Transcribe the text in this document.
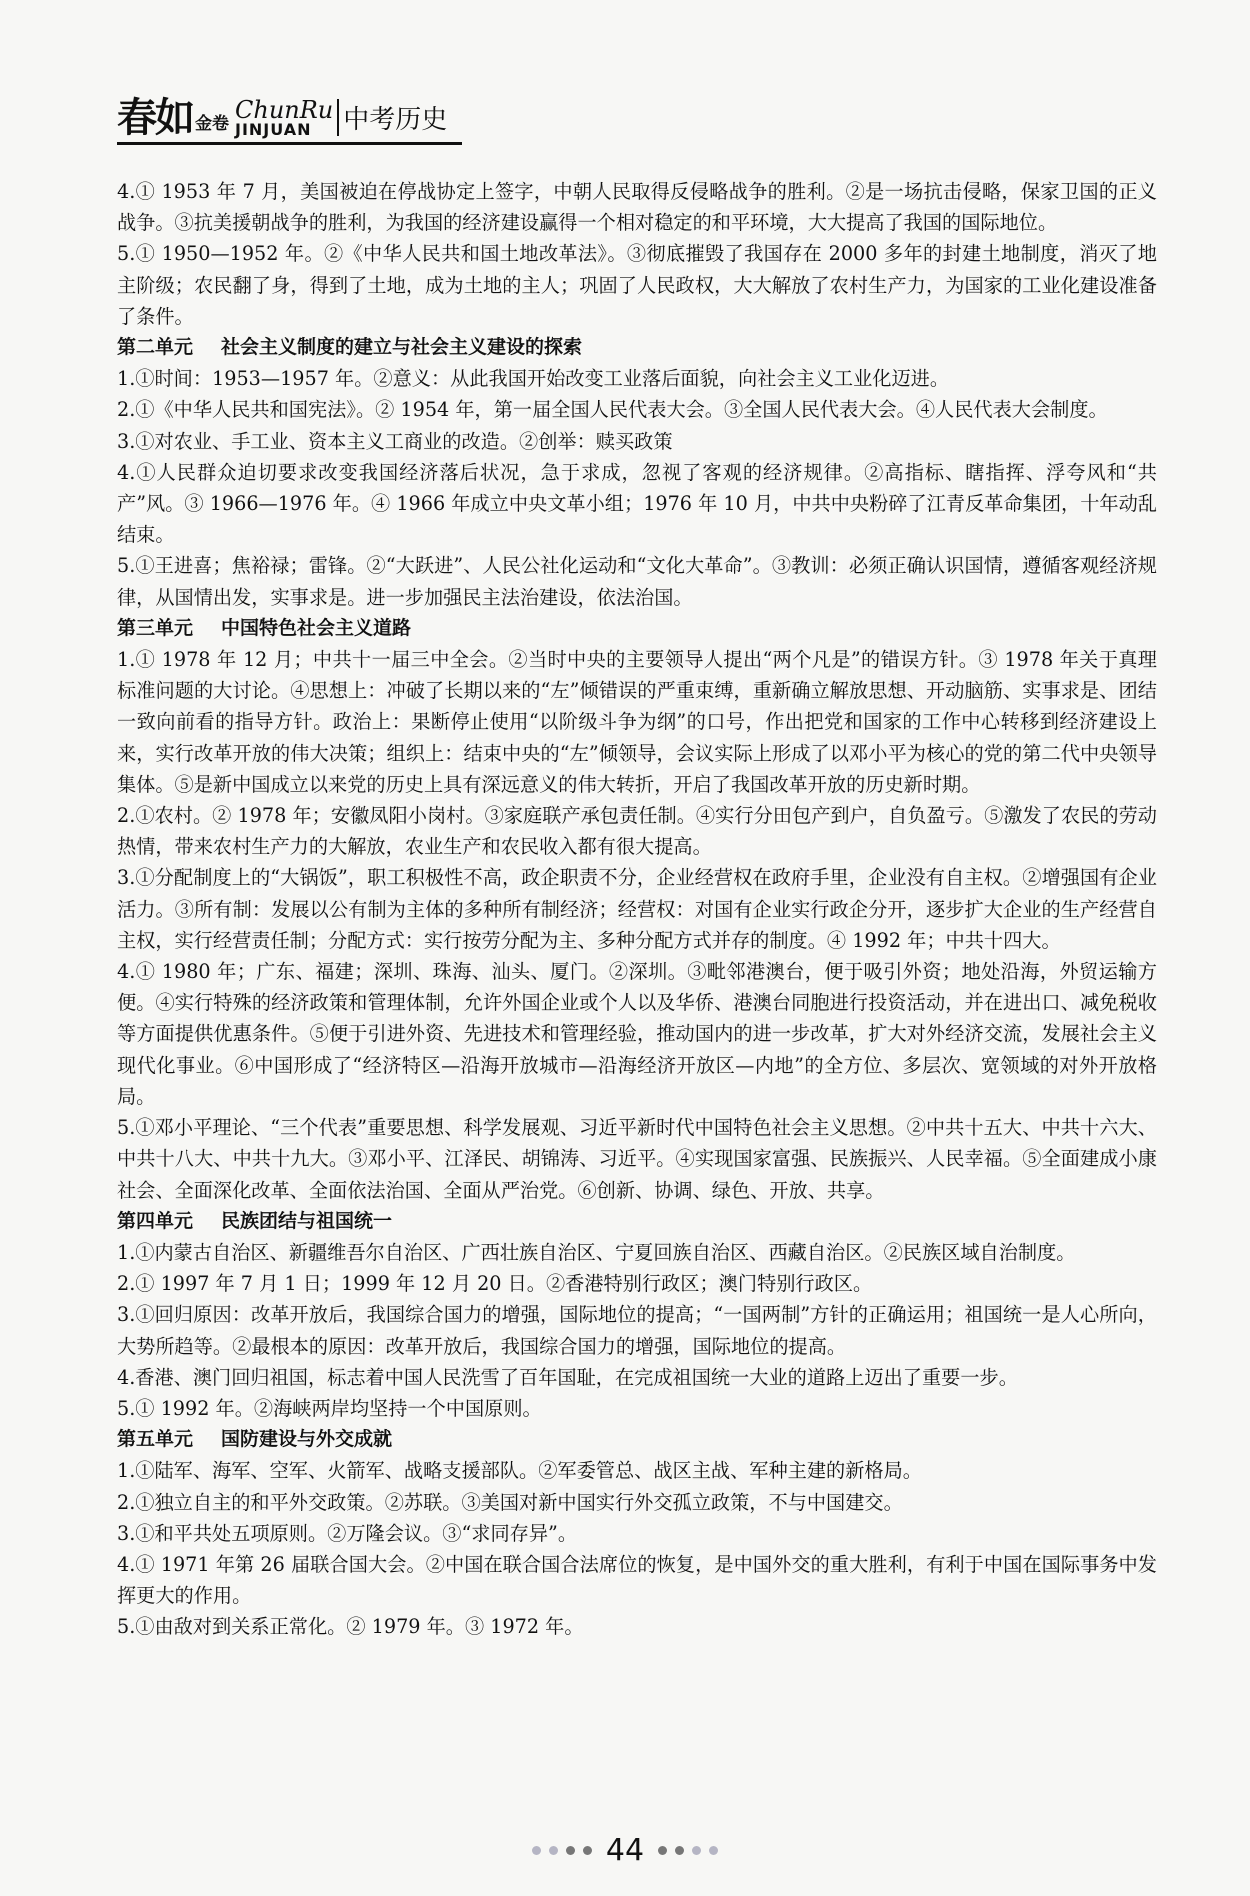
春如 金卷 ChunRu
JINJUAN	中考历史

4.① 1953 年 7 月，美国被迫在停战协定上签字，中朝人民取得反侵略战争的胜利。②是一场抗击侵略，保家卫国的正义战争。③抗美援朝战争的胜利，为我国的经济建设赢得一个相对稳定的和平环境，大大提高了我国的国际地位。

5.① 1950—1952 年。②《中华人民共和国土地改革法》。③彻底摧毁了我国存在 2000 多年的封建土地制度，消灭了地主阶级；农民翻了身，得到了土地，成为土地的主人；巩固了人民政权，大大解放了农村生产力，为国家的工业化建设准备了条件。

第二单元 社会主义制度的建立与社会主义建设的探索

1.①时间：1953—1957 年。②意义：从此我国开始改变工业落后面貌，向社会主义工业化迈进。

2.①《中华人民共和国宪法》。② 1954 年，第一届全国人民代表大会。③全国人民代表大会。④人民代表大会制度。

3.①对农业、手工业、资本主义工商业的改造。②创举：赎买政策

4.①人民群众迫切要求改变我国经济落后状况，急于求成，忽视了客观的经济规律。②高指标、瞎指挥、浮夸风和“共产”风。③ 1966—1976 年。④ 1966 年成立中央文革小组；1976 年 10 月，中共中央粉碎了江青反革命集团，十年动乱结束。

5.①王进喜；焦裕禄；雷锋。②“大跃进”、人民公社化运动和“文化大革命”。③教训：必须正确认识国情，遵循客观经济规律，从国情出发，实事求是。进一步加强民主法治建设，依法治国。

第三单元 中国特色社会主义道路

1.① 1978 年 12 月；中共十一届三中全会。②当时中央的主要领导人提出“两个凡是”的错误方针。③ 1978 年关于真理标准问题的大讨论。④思想上：冲破了长期以来的“左”倾错误的严重束缚，重新确立解放思想、开动脑筋、实事求是、团结一致向前看的指导方针。政治上：果断停止使用“以阶级斗争为纲”的口号，作出把党和国家的工作中心转移到经济建设上来，实行改革开放的伟大决策；组织上：结束中央的“左”倾领导，会议实际上形成了以邓小平为核心的党的第二代中央领导集体。⑤是新中国成立以来党的历史上具有深远意义的伟大转折，开启了我国改革开放的历史新时期。

2.①农村。② 1978 年；安徽凤阳小岗村。③家庭联产承包责任制。④实行分田包产到户，自负盈亏。⑤激发了农民的劳动热情，带来农村生产力的大解放，农业生产和农民收入都有很大提高。

3.①分配制度上的“大锅饭”，职工积极性不高，政企职责不分，企业经营权在政府手里，企业没有自主权。②增强国有企业活力。③所有制：发展以公有制为主体的多种所有制经济；经营权：对国有企业实行政企分开，逐步扩大企业的生产经营自主权，实行经营责任制；分配方式：实行按劳分配为主、多种分配方式并存的制度。④ 1992 年；中共十四大。

4.① 1980 年；广东、福建；深圳、珠海、汕头、厦门。②深圳。③毗邻港澳台，便于吸引外资；地处沿海，外贸运输方便。④实行特殊的经济政策和管理体制，允许外国企业或个人以及华侨、港澳台同胞进行投资活动，并在进出口、减免税收等方面提供优惠条件。⑤便于引进外资、先进技术和管理经验，推动国内的进一步改革，扩大对外经济交流，发展社会主义现代化事业。⑥中国形成了“经济特区—沿海开放城市—沿海经济开放区—内地”的全方位、多层次、宽领域的对外开放格局。

5.①邓小平理论、“三个代表”重要思想、科学发展观、习近平新时代中国特色社会主义思想。②中共十五大、中共十六大、中共十八大、中共十九大。③邓小平、江泽民、胡锦涛、习近平。④实现国家富强、民族振兴、人民幸福。⑤全面建成小康社会、全面深化改革、全面依法治国、全面从严治党。⑥创新、协调、绿色、开放、共享。

第四单元 民族团结与祖国统一

1.①内蒙古自治区、新疆维吾尔自治区、广西壮族自治区、宁夏回族自治区、西藏自治区。②民族区域自治制度。

2.① 1997 年 7 月 1 日；1999 年 12 月 20 日。②香港特别行政区；澳门特别行政区。

3.①回归原因：改革开放后，我国综合国力的增强，国际地位的提高；“一国两制”方针的正确运用；祖国统一是人心所向，大势所趋等。②最根本的原因：改革开放后，我国综合国力的增强，国际地位的提高。

4.香港、澳门回归祖国，标志着中国人民洗雪了百年国耻，在完成祖国统一大业的道路上迈出了重要一步。

5.① 1992 年。②海峡两岸均坚持一个中国原则。

第五单元 国防建设与外交成就

1.①陆军、海军、空军、火箭军、战略支援部队。②军委管总、战区主战、军种主建的新格局。

2.①独立自主的和平外交政策。②苏联。③美国对新中国实行外交孤立政策，不与中国建交。

3.①和平共处五项原则。②万隆会议。③“求同存异”。

4.① 1971 年第 26 届联合国大会。②中国在联合国合法席位的恢复，是中国外交的重大胜利，有利于中国在国际事务中发挥更大的作用。

5.①由敌对到关系正常化。② 1979 年。③ 1972 年。

44
